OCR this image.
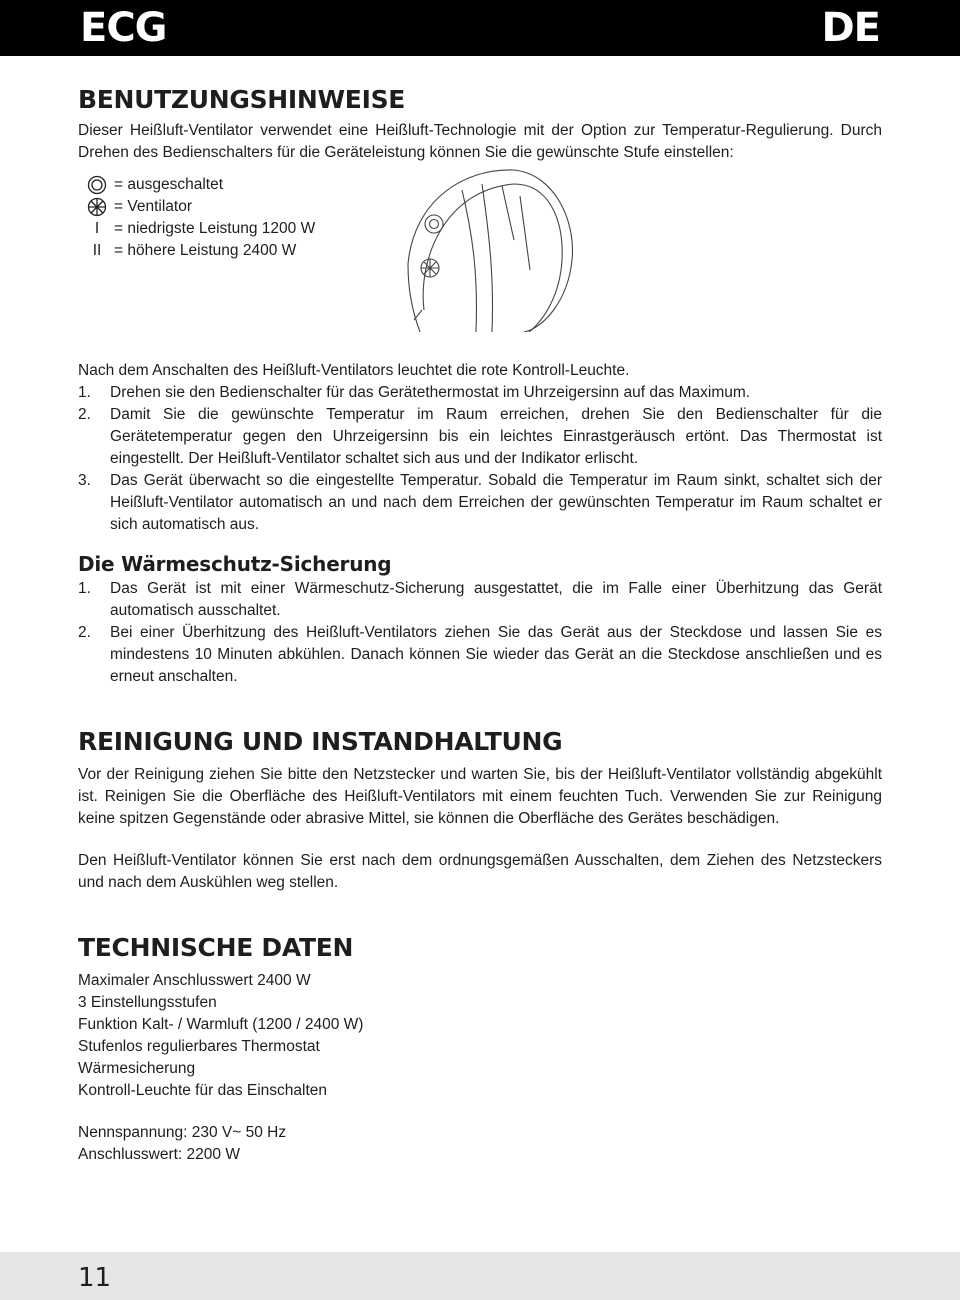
ECG	DE
BENUTZUNGSHINWEISE

Dieser Heißluft-Ventilator verwendet eine Heißluft-Technologie mit der Option zur Temperatur-Regulierung. Durch Drehen des Bedienschalters für die Geräteleistung können Sie die gewünschte Stufe einstellen:

= ausgeschaltet
= Ventilator
I = niedrigste Leistung 1200 W
II = höhere Leistung 2400 W
Nach dem Anschalten des Heißluft-Ventilators leuchtet die rote Kontroll-Leuchte.
1.	Drehen sie den Bedienschalter für das Gerätethermostat im Uhrzeigersinn auf das Maximum.
2.	Damit Sie die gewünschte Temperatur im Raum erreichen, drehen Sie den Bedienschalter für die Gerätetemperatur gegen den Uhrzeigersinn bis ein leichtes Einrastgeräusch ertönt. Das Thermostat ist eingestellt. Der Heißluft-Ventilator schaltet sich aus und der Indikator erlischt.
3.	Das Gerät überwacht so die eingestellte Temperatur. Sobald die Temperatur im Raum sinkt, schaltet sich der Heißluft-Ventilator automatisch an und nach dem Erreichen der gewünschten Temperatur im Raum schaltet er sich automatisch aus.
Die Wärmeschutz-Sicherung
1.	Das Gerät ist mit einer Wärmeschutz-Sicherung ausgestattet, die im Falle einer Überhitzung das Gerät automatisch ausschaltet.
2.	Bei einer Überhitzung des Heißluft-Ventilators ziehen Sie das Gerät aus der Steckdose und lassen Sie es mindestens 10 Minuten abkühlen. Danach können Sie wieder das Gerät an die Steckdose anschließen und es erneut anschalten.
REINIGUNG UND INSTANDHALTUNG

Vor der Reinigung ziehen Sie bitte den Netzstecker und warten Sie, bis der Heißluft-Ventilator vollständig abgekühlt ist. Reinigen Sie die Oberfläche des Heißluft-Ventilators mit einem feuchten Tuch. Verwenden Sie zur Reinigung keine spitzen Gegenstände oder abrasive Mittel, sie können die Oberfläche des Gerätes beschädigen.

Den Heißluft-Ventilator können Sie erst nach dem ordnungsgemäßen Ausschalten, dem Ziehen des Netzsteckers und nach dem Auskühlen weg stellen.

TECHNISCHE DATEN
Maximaler Anschlusswert 2400 W
3 Einstellungsstufen
Funktion Kalt- / Warmluft (1200 / 2400 W)
Stufenlos regulierbares Thermostat
Wärmesicherung
Kontroll-Leuchte für das Einschalten
Nennspannung: 230 V~ 50 Hz
Anschlusswert: 2200 W
11
